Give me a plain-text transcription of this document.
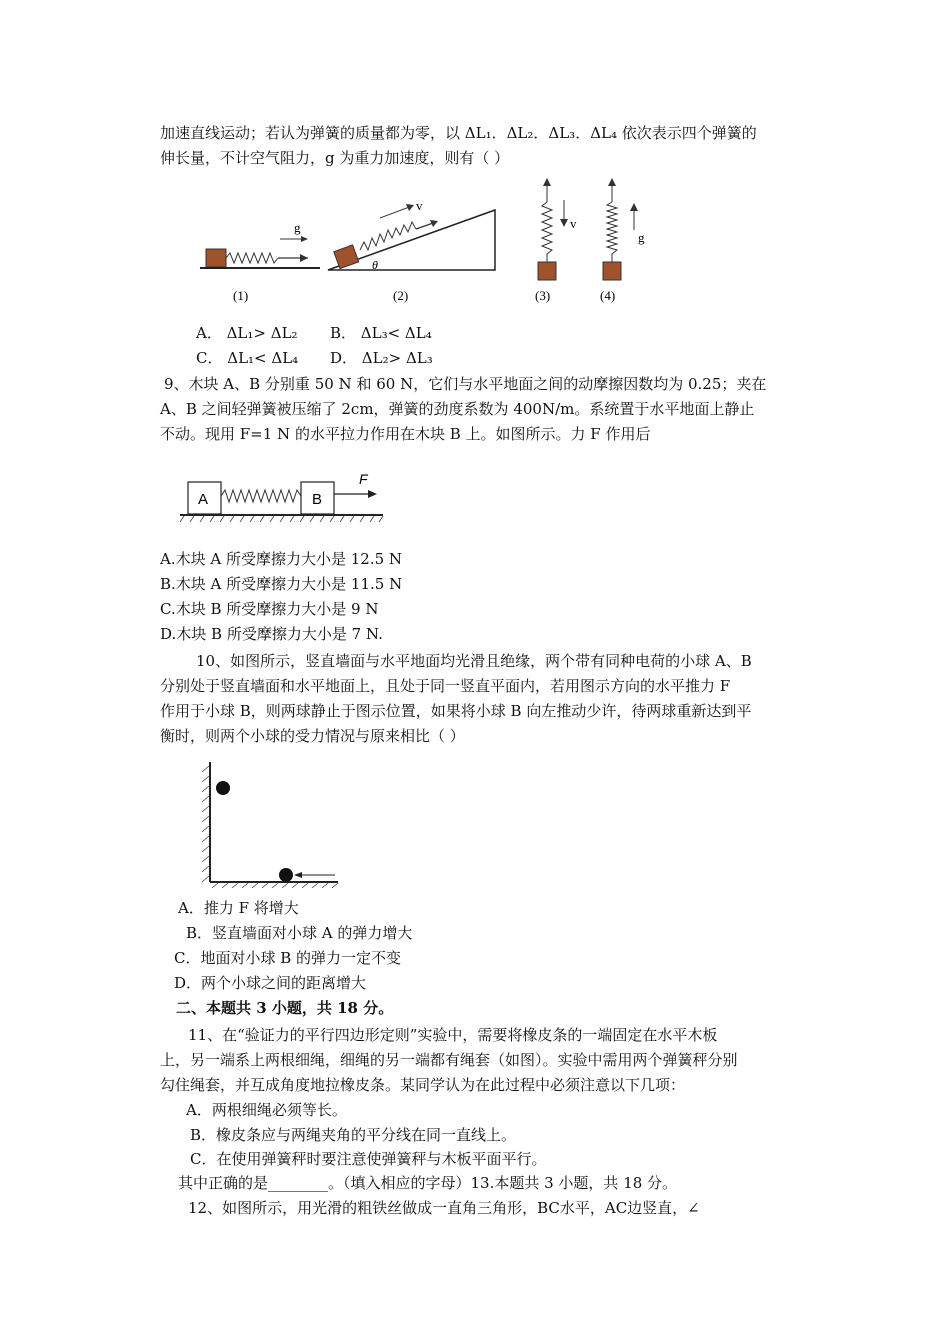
加速直线运动；若认为弹簧的质量都为零，以 ΔL₁．ΔL₂．ΔL₃．ΔL₄ 依次表示四个弹簧的
伸长量，不计空气阻力，g 为重力加速度，则有（ ）
g
v
θ
v
g
(1)	(2)	(3)	(4)
A． ΔL₁> ΔL₂ B． ΔL₃< ΔL₄
C． ΔL₁< ΔL₄ D． ΔL₂> ΔL₃
9、木块 A、B 分别重 50 N 和 60 N，它们与水平地面之间的动摩擦因数均为 0.25；夹在
A、B 之间轻弹簧被压缩了 2cm，弹簧的劲度系数为 400N/m。系统置于水平地面上静止
不动。现用 F=1 N 的水平拉力作用在木块 B 上。如图所示。力 F 作用后
A	B
F
A.木块 A 所受摩擦力大小是 12.5 N
B.木块 A 所受摩擦力大小是 11.5 N
C.木块 B 所受摩擦力大小是 9 N
D.木块 B 所受摩擦力大小是 7 N.
10、如图所示，竖直墙面与水平地面均光滑且绝缘，两个带有同种电荷的小球 A、B
分别处于竖直墙面和水平地面上，且处于同一竖直平面内，若用图示方向的水平推力 F
作用于小球 B，则两球静止于图示位置，如果将小球 B 向左推动少许，待两球重新达到平
衡时，则两个小球的受力情况与原来相比（ ）
A．推力 F 将增大
B．竖直墙面对小球 A 的弹力增大
C．地面对小球 B 的弹力一定不变
D．两个小球之间的距离增大
二、本题共 3 小题，共 18 分。
11、在“验证力的平行四边形定则”实验中，需要将橡皮条的一端固定在水平木板
上，另一端系上两根细绳，细绳的另一端都有绳套（如图）。实验中需用两个弹簧秤分别
勾住绳套，并互成角度地拉橡皮条。某同学认为在此过程中必须注意以下几项：
A．两根细绳必须等长。
B．橡皮条应与两绳夹角的平分线在同一直线上。
C．在使用弹簧秤时要注意使弹簧秤与木板平面平行。
其中正确的是________。（填入相应的字母）13.本题共 3 小题，共 18 分。
12、如图所示，用光滑的粗铁丝做成一直角三角形，BC水平，AC边竖直，∠
